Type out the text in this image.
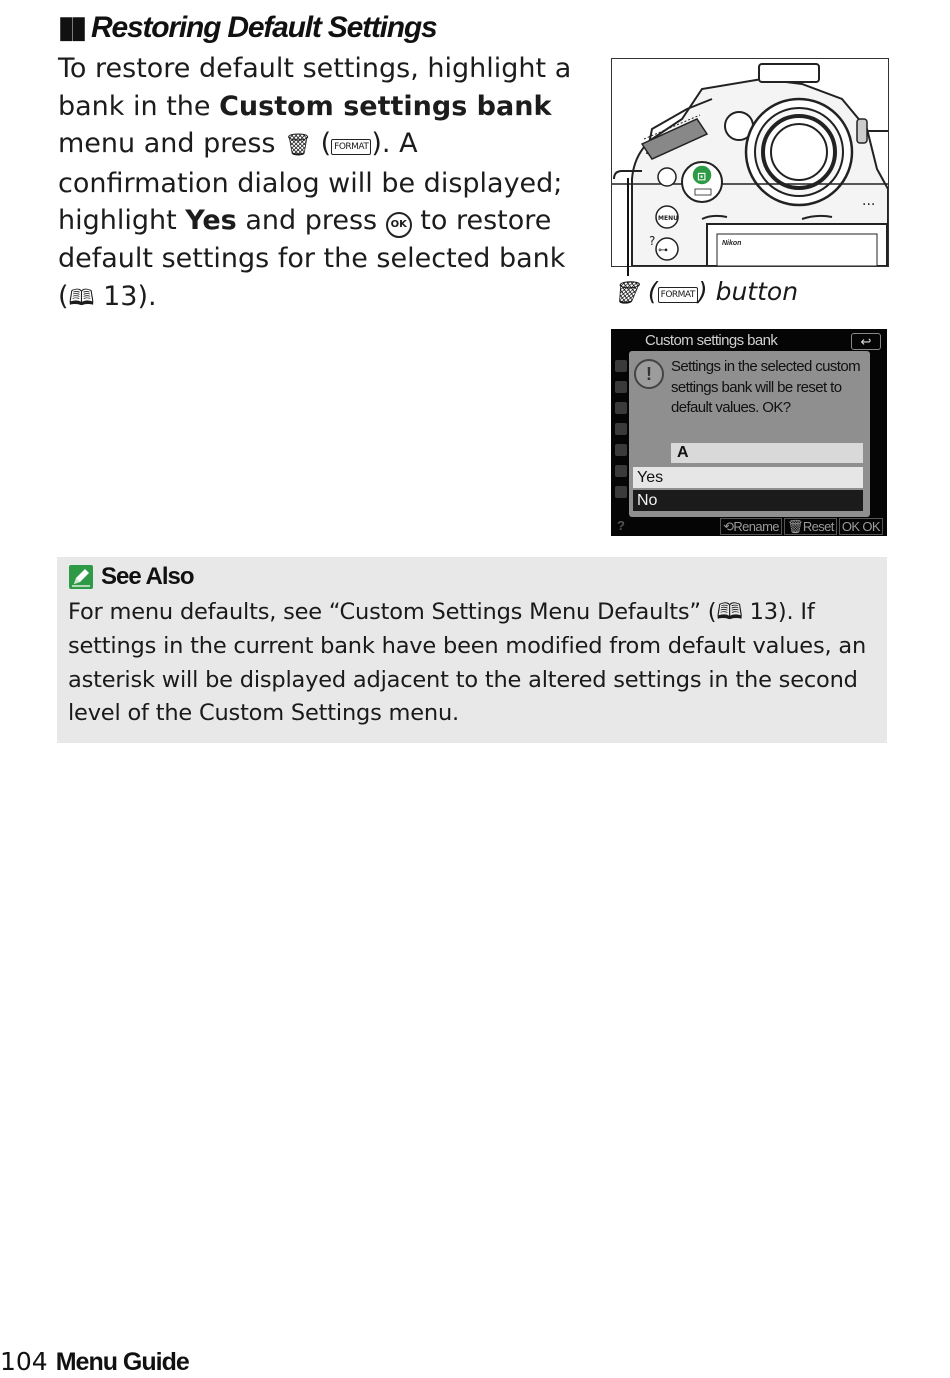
▮▮ Restoring Default Settings

To restore default settings, highlight a bank in the Custom settings bank menu and press 🗑 ( FORMAT ). A confirmation dialog will be displayed; highlight Yes and press OK to restore default settings for the selected bank (🕮 13).

Nikon
...
⊡
MENU
?
⊶
🗑 ( FORMAT ) button
Custom settings bank	↩
!	Settings in the selected custom settings bank will be reset to default values. OK?
A
Yes
No
?	⟲Rename 🗑Reset OK OK
See Also

For menu defaults, see “Custom Settings Menu Defaults” (🕮 13). If settings in the current bank have been modified from default values, an asterisk will be displayed adjacent to the altered settings in the second level of the Custom Settings menu.

104 Menu Guide
